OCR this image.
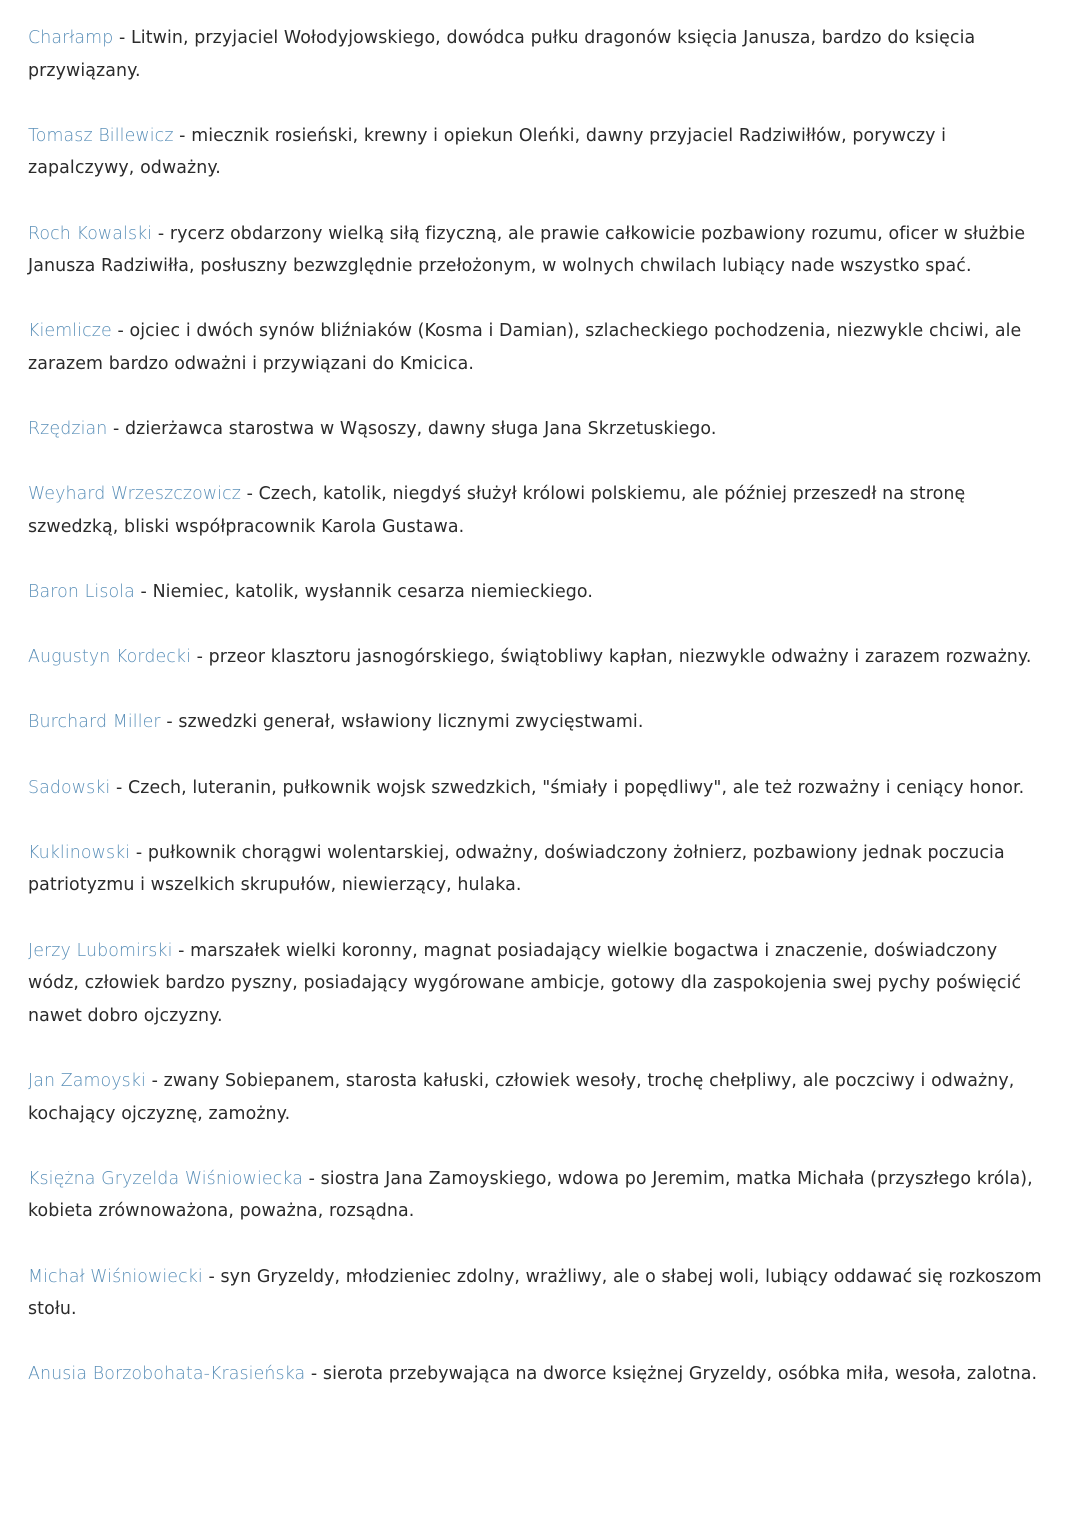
Charłamp - Litwin, przyjaciel Wołodyjowskiego, dowódca pułku dragonów księcia Janusza, bardzo do księcia przywiązany.

Tomasz Billewicz - miecznik rosieński, krewny i opiekun Oleńki, dawny przyjaciel Radziwiłłów, porywczy i zapalczywy, odważny.

Roch Kowalski - rycerz obdarzony wielką siłą fizyczną, ale prawie całkowicie pozbawiony rozumu, oficer w służbie Janusza Radziwiłła, posłuszny bezwzględnie przełożonym, w wolnych chwilach lubiący nade wszystko spać.

Kiemlicze - ojciec i dwóch synów bliźniaków (Kosma i Damian), szlacheckiego pochodzenia, niezwykle chciwi, ale zarazem bardzo odważni i przywiązani do Kmicica.

Rzędzian - dzierżawca starostwa w Wąsoszy, dawny sługa Jana Skrzetuskiego.

Weyhard Wrzeszczowicz - Czech, katolik, niegdyś służył królowi polskiemu, ale później przeszedł na stronę szwedzką, bliski współpracownik Karola Gustawa.

Baron Lisola - Niemiec, katolik, wysłannik cesarza niemieckiego.

Augustyn Kordecki - przeor klasztoru jasnogórskiego, świątobliwy kapłan, niezwykle odważny i zarazem rozważny.

Burchard Miller - szwedzki generał, wsławiony licznymi zwycięstwami.

Sadowski - Czech, luteranin, pułkownik wojsk szwedzkich, "śmiały i popędliwy", ale też rozważny i ceniący honor.

Kuklinowski - pułkownik chorągwi wolentarskiej, odważny, doświadczony żołnierz, pozbawiony jednak poczucia patriotyzmu i wszelkich skrupułów, niewierzący, hulaka.

Jerzy Lubomirski - marszałek wielki koronny, magnat posiadający wielkie bogactwa i znaczenie, doświadczony wódz, człowiek bardzo pyszny, posiadający wygórowane ambicje, gotowy dla zaspokojenia swej pychy poświęcić nawet dobro ojczyzny.

Jan Zamoyski - zwany Sobiepanem, starosta kałuski, człowiek wesoły, trochę chełpliwy, ale poczciwy i odważny, kochający ojczyznę, zamożny.

Księżna Gryzelda Wiśniowiecka - siostra Jana Zamoyskiego, wdowa po Jeremim, matka Michała (przyszłego króla), kobieta zrównoważona, poważna, rozsądna.

Michał Wiśniowiecki - syn Gryzeldy, młodzieniec zdolny, wrażliwy, ale o słabej woli, lubiący oddawać się rozkoszom stołu.

Anusia Borzobohata-Krasieńska - sierota przebywająca na dworce księżnej Gryzeldy, osóbka miła, wesoła, zalotna.
